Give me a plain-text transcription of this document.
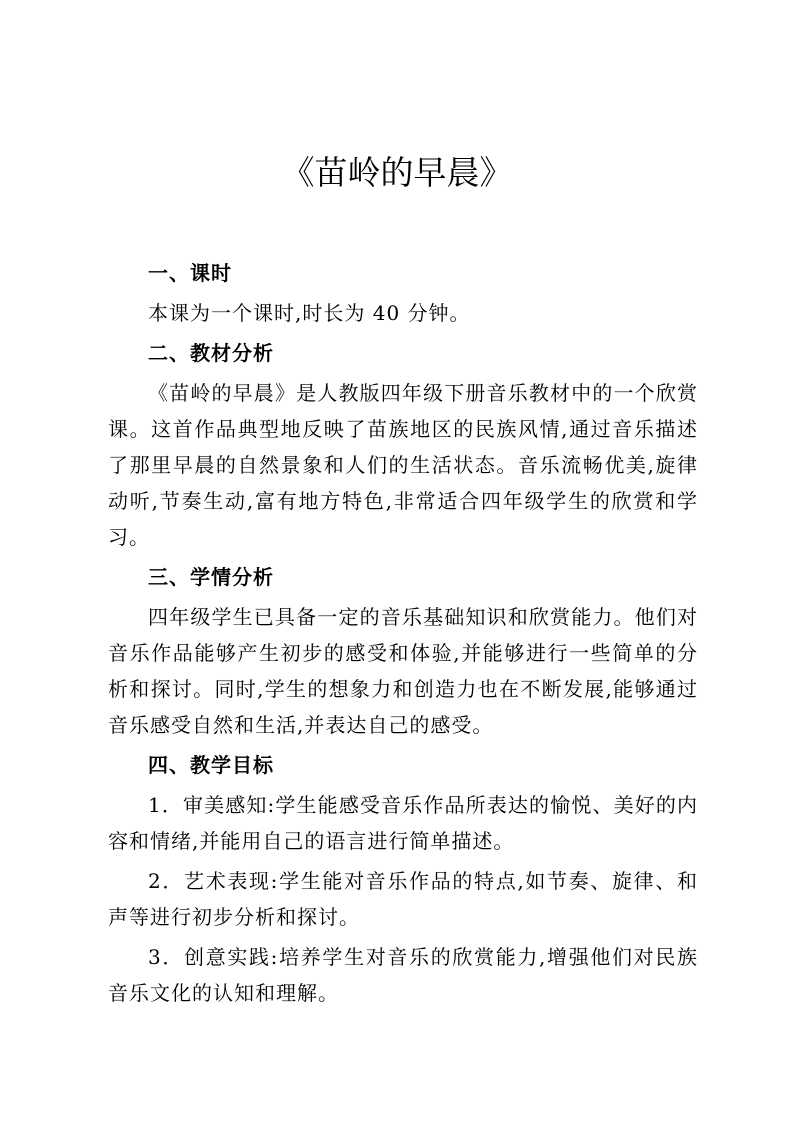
《苗岭的早晨》
一、课时

本课为一个课时,时长为 40 分钟。

二、教材分析

《苗岭的早晨》是人教版四年级下册音乐教材中的一个欣赏课。这首作品典型地反映了苗族地区的民族风情,通过音乐描述了那里早晨的自然景象和人们的生活状态。音乐流畅优美,旋律动听,节奏生动,富有地方特色,非常适合四年级学生的欣赏和学习。

三、学情分析

四年级学生已具备一定的音乐基础知识和欣赏能力。他们对音乐作品能够产生初步的感受和体验,并能够进行一些简单的分析和探讨。同时,学生的想象力和创造力也在不断发展,能够通过音乐感受自然和生活,并表达自己的感受。

四、教学目标

1．审美感知:学生能感受音乐作品所表达的愉悦、美好的内容和情绪,并能用自己的语言进行简单描述。

2．艺术表现:学生能对音乐作品的特点,如节奏、旋律、和声等进行初步分析和探讨。

3．创意实践:培养学生对音乐的欣赏能力,增强他们对民族音乐文化的认知和理解。
